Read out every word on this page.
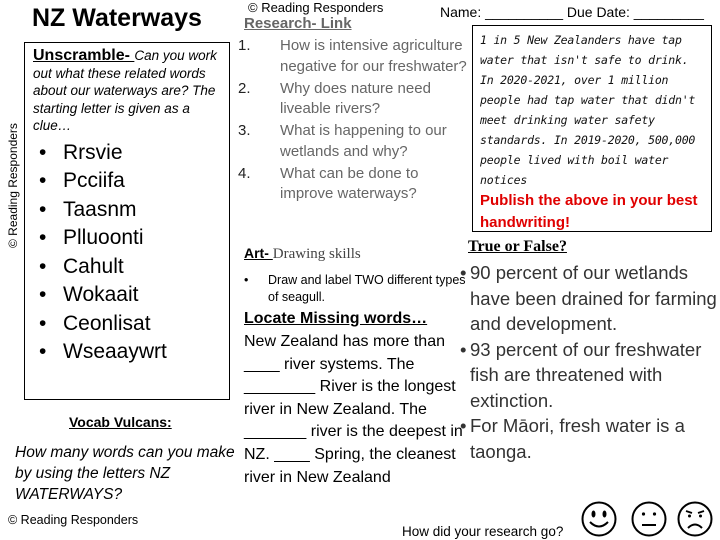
NZ Waterways	© Reading Responders	Name: __________ Due Date: _________
© Reading Responders

Unscramble- Can you work out what these related words about our waterways are? The starting letter is given as a clue…

• Rrsvie
• Pcciifa
• Taasnm
• Plluoonti
• Cahult
• Wokaait
• Ceonlisat
• Wseaaywrt
Vocab Vulcans:
How many words can you make by using the letters NZ WATERWAYS?
© Reading Responders
Research- Link
1. How is intensive agriculture negative for our freshwater?
2. Why does nature need liveable rivers?
3. What is happening to our wetlands and why?
4. What can be done to improve waterways?

1 in 5 New Zealanders have tap water that isn't safe to drink. In 2020-2021, over 1 million people had tap water that didn't meet drinking water safety standards. In 2019-2020, 500,000 people lived with boil water notices

Publish the above in your best handwriting!

Art- Drawing skills
• Draw and label TWO different types of seagull.
Locate Missing words…
New Zealand has more than ____ river systems. The ________ River is the longest river in New Zealand. The _______ river is the deepest in NZ. ____ Spring, the cleanest river in New Zealand
True or False?
• 90 percent of our wetlands have been drained for farming and development.
• 93 percent of our freshwater fish are threatened with extinction.
• For Māori, fresh water is a taonga.
How did your research go?
